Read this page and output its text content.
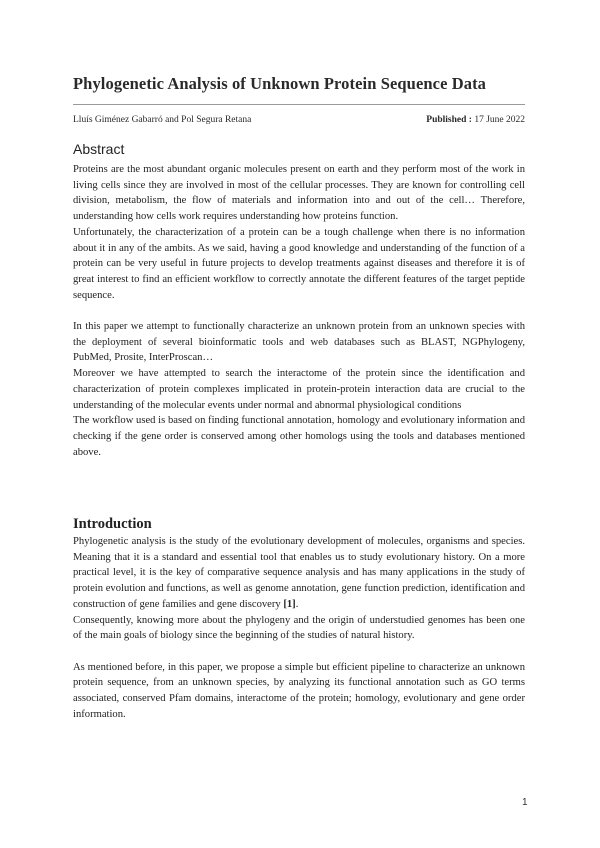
Phylogenetic Analysis of Unknown Protein Sequence Data
Lluís Giménez Gabarró and Pol Segura Retana	Published : 17 June 2022
Abstract

Proteins are the most abundant organic molecules present on earth and they perform most of the work in living cells since they are involved in most of the cellular processes. They are known for controlling cell division, metabolism, the flow of materials and information into and out of the cell… Therefore, understanding how cells work requires understanding how proteins function.

Unfortunately, the characterization of a protein can be a tough challenge when there is no information about it in any of the ambits. As we said, having a good knowledge and understanding of the function of a protein can be very useful in future projects to develop treatments against diseases and therefore it is of great interest to find an efficient workflow to correctly annotate the different features of the target peptide sequence.

In this paper we attempt to functionally characterize an unknown protein from an unknown species with the deployment of several bioinformatic tools and web databases such as BLAST, NGPhylogeny, PubMed, Prosite, InterProscan…

Moreover we have attempted to search the interactome of the protein since the identification and characterization of protein complexes implicated in protein-protein interaction data are crucial to the understanding of the molecular events under normal and abnormal physiological conditions

The workflow used is based on finding functional annotation, homology and evolutionary information and checking if the gene order is conserved among other homologs using the tools and databases mentioned above.

Introduction

Phylogenetic analysis is the study of the evolutionary development of molecules, organisms and species. Meaning that it is a standard and essential tool that enables us to study evolutionary history. On a more practical level, it is the key of comparative sequence analysis and has many applications in the study of protein evolution and functions, as well as genome annotation, gene function prediction, identification and construction of gene families and gene discovery [1].

Consequently, knowing more about the phylogeny and the origin of understudied genomes has been one of the main goals of biology since the beginning of the studies of natural history.

As mentioned before, in this paper, we propose a simple but efficient pipeline to characterize an unknown protein sequence, from an unknown species, by analyzing its functional annotation such as GO terms associated, conserved Pfam domains, interactome of the protein; homology, evolutionary and gene order information.

1
